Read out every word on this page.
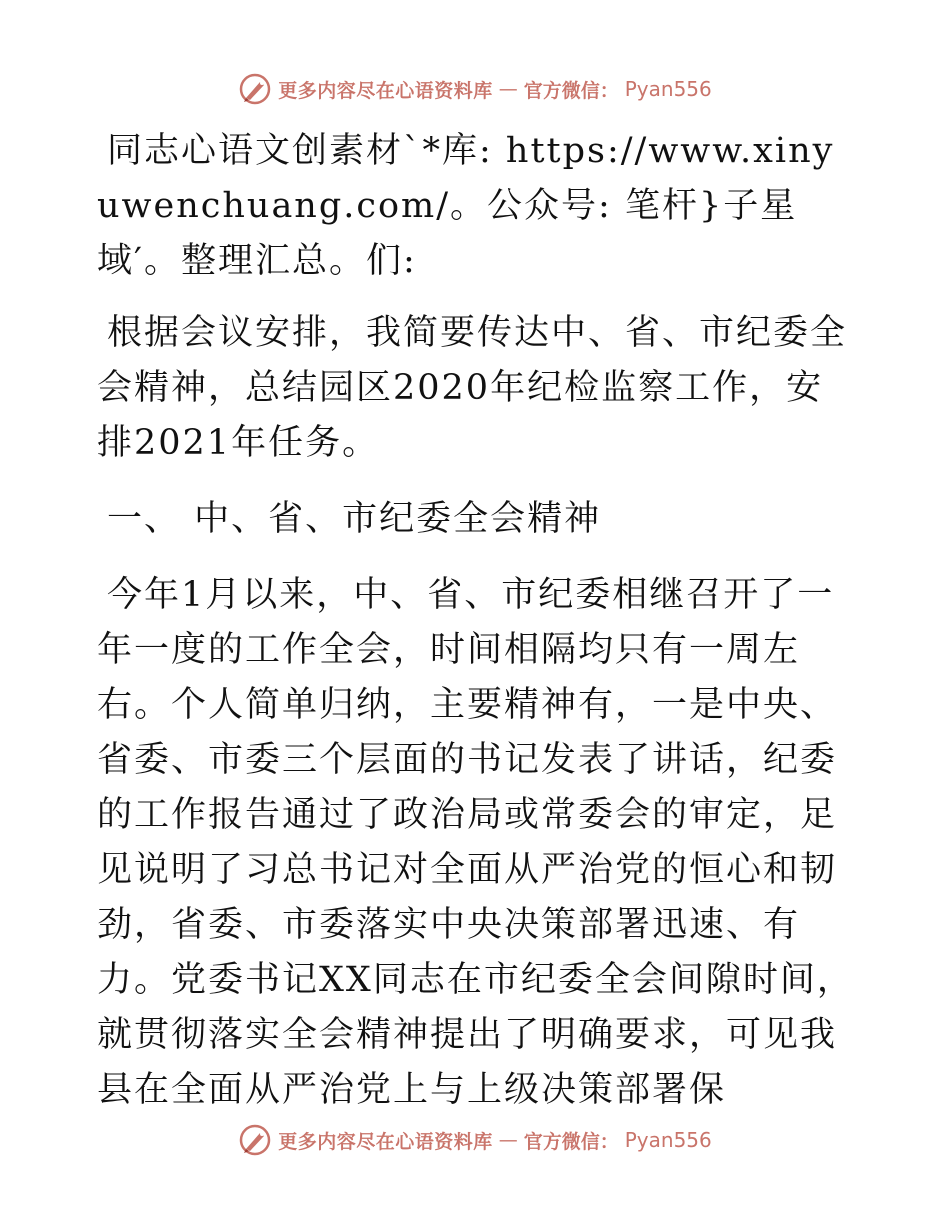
更多内容尽在心语资料库 — 官方微信： Pyan556

同志心语文创素材`*库: https://www.xinyuwenchuang.com/。公众号: 笔杆}子星域′。整理汇总。们:

根据会议安排，我简要传达中、省、市纪委全会精神，总结园区2020年纪检监察工作，安排2021年任务。

一、 中、省、市纪委全会精神

今年1月以来，中、省、市纪委相继召开了一年一度的工作全会，时间相隔均只有一周左右。个人简单归纳，主要精神有，一是中央、省委、市委三个层面的书记发表了讲话，纪委的工作报告通过了政治局或常委会的审定，足见说明了习总书记对全面从严治党的恒心和韧劲，省委、市委落实中央决策部署迅速、有力。党委书记XX同志在市纪委全会间隙时间，就贯彻落实全会精神提出了明确要求，可见我县在全面从严治党上与上级决策部署保

更多内容尽在心语资料库 — 官方微信： Pyan556
